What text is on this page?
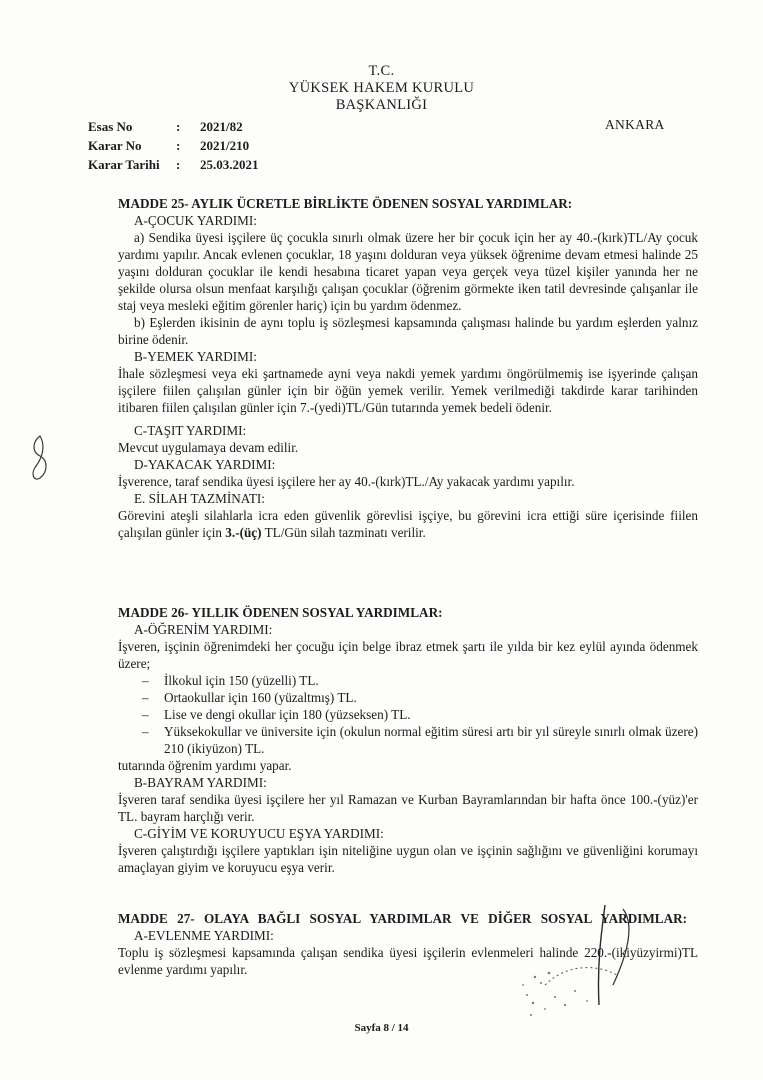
T.C.
YÜKSEK HAKEM KURULU
BAŞKANLIĞI
Esas No	:	2021/82
Karar No	:	2021/210
Karar Tarihi	:	25.03.2021
ANKARA

MADDE 25- AYLIK ÜCRETLE BİRLİKTE ÖDENEN SOSYAL YARDIMLAR:

A-ÇOCUK YARDIMI:

a) Sendika üyesi işçilere üç çocukla sınırlı olmak üzere her bir çocuk için her ay 40.-(kırk)TL/Ay çocuk yardımı yapılır. Ancak evlenen çocuklar, 18 yaşını dolduran veya yüksek öğrenime devam etmesi halinde 25 yaşını dolduran çocuklar ile kendi hesabına ticaret yapan veya gerçek veya tüzel kişiler yanında her ne şekilde olursa olsun menfaat karşılığı çalışan çocuklar (öğrenim görmekte iken tatil devresinde çalışanlar ile staj veya mesleki eğitim görenler hariç) için bu yardım ödenmez.

b) Eşlerden ikisinin de aynı toplu iş sözleşmesi kapsamında çalışması halinde bu yardım eşlerden yalnız birine ödenir.

B-YEMEK YARDIMI:

İhale sözleşmesi veya eki şartnamede ayni veya nakdi yemek yardımı öngörülmemiş ise işyerinde çalışan işçilere fiilen çalışılan günler için bir öğün yemek verilir. Yemek verilmediği takdirde karar tarihinden itibaren fiilen çalışılan günler için 7.-(yedi)TL/Gün tutarında yemek bedeli ödenir.

C-TAŞIT YARDIMI:

Mevcut uygulamaya devam edilir.

D-YAKACAK YARDIMI:

İşverence, taraf sendika üyesi işçilere her ay 40.-(kırk)TL./Ay yakacak yardımı yapılır.

E. SİLAH TAZMİNATI:

Görevini ateşli silahlarla icra eden güvenlik görevlisi işçiye, bu görevini icra ettiği süre içerisinde fiilen çalışılan günler için 3.-(üç) TL/Gün silah tazminatı verilir.

MADDE 26- YILLIK ÖDENEN SOSYAL YARDIMLAR:

A-ÖĞRENİM YARDIMI:

İşveren, işçinin öğrenimdeki her çocuğu için belge ibraz etmek şartı ile yılda bir kez eylül ayında ödenmek üzere;

– İlkokul için 150 (yüzelli) TL.
– Ortaokullar için 160 (yüzaltmış) TL.
– Lise ve dengi okullar için 180 (yüzseksen) TL.
– Yüksekokullar ve üniversite için (okulun normal eğitim süresi artı bir yıl süreyle sınırlı olmak üzere) 210 (ikiyüzon) TL.

tutarında öğrenim yardımı yapar.

B-BAYRAM YARDIMI:

İşveren taraf sendika üyesi işçilere her yıl Ramazan ve Kurban Bayramlarından bir hafta önce 100.-(yüz)'er TL. bayram harçlığı verir.

C-GİYİM VE KORUYUCU EŞYA YARDIMI:

İşveren çalıştırdığı işçilere yaptıkları işin niteliğine uygun olan ve işçinin sağlığını ve güvenliğini korumayı amaçlayan giyim ve koruyucu eşya verir.

MADDE 27- OLAYA BAĞLI SOSYAL YARDIMLAR VE DİĞER SOSYAL YARDIMLAR:

A-EVLENME YARDIMI:

Toplu iş sözleşmesi kapsamında çalışan sendika üyesi işçilerin evlenmeleri halinde 220.-(ikiyüzyirmi)TL evlenme yardımı yapılır.

Sayfa 8 / 14
